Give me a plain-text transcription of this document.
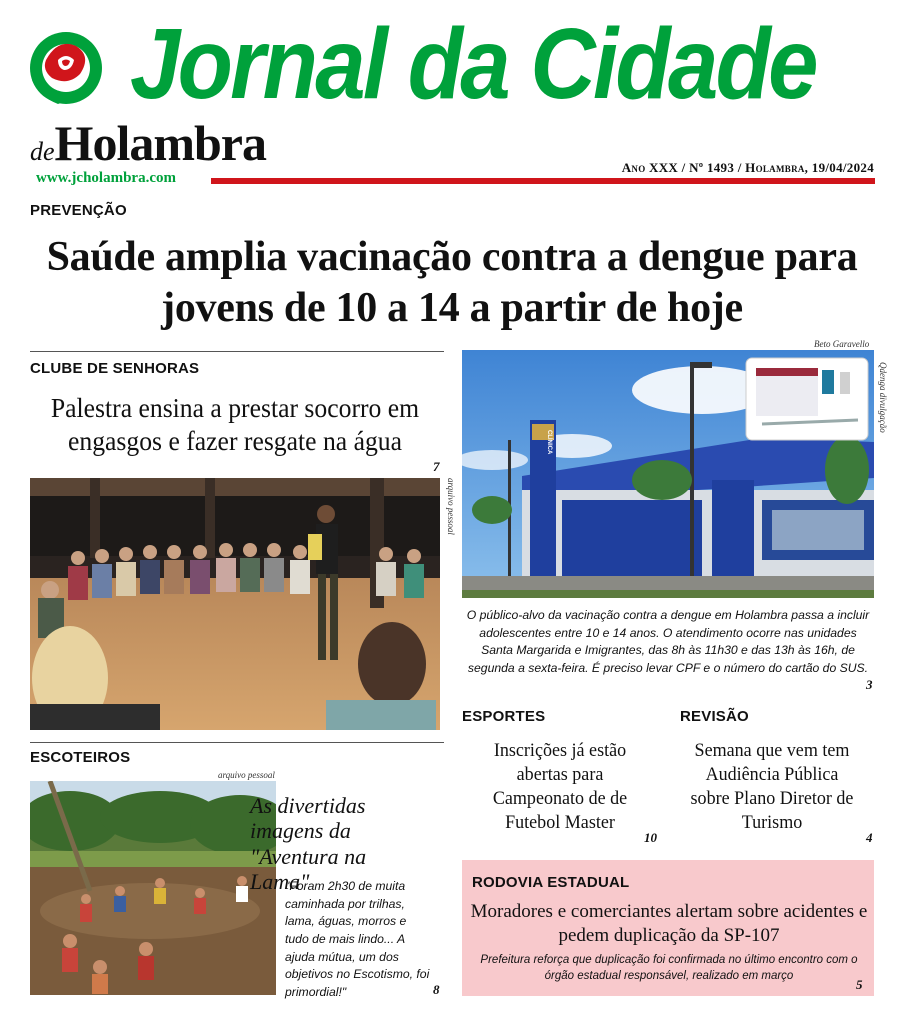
Jornal da Cidade
deHolambra
www.jcholambra.com
Ano XXX / Nº 1493 / Holambra, 19/04/2024
PREVENÇÃO
Saúde amplia vacinação contra a dengue para jovens de 10 a 14 a partir de hoje
CLUBE DE SENHORAS
Palestra ensina a prestar socorro em engasgos e fazer resgate na água
7
arquivo pessoal
Beto Garavello
CLÍNICA
Qdenga divulgação
O público-alvo da vacinação contra a dengue em Holambra passa a incluir adolescentes entre 10 e 14 anos. O atendimento ocorre nas unidades Santa Margarida e Imigrantes, das 8h às 11h30 e das 13h às 16h, de segunda a sexta-feira. É preciso levar CPF e o número do cartão do SUS.
3
ESPORTES
Inscrições já estão abertas para Campeonato de de Futebol Master
10
REVISÃO
Semana que vem tem Audiência Pública sobre Plano Diretor de Turismo
4
ESCOTEIROS
arquivo pessoal
As divertidas imagens da "Aventura na Lama"
"Foram 2h30 de muita caminhada por trilhas, lama, águas, morros e tudo de mais lindo... A ajuda mútua, um dos objetivos no Escotismo, foi primordial!"	8
RODOVIA ESTADUAL
Moradores e comerciantes alertam sobre acidentes e pedem duplicação da SP-107
Prefeitura reforça que duplicação foi confirmada no último encontro com o órgão estadual responsável, realizado em março
5
